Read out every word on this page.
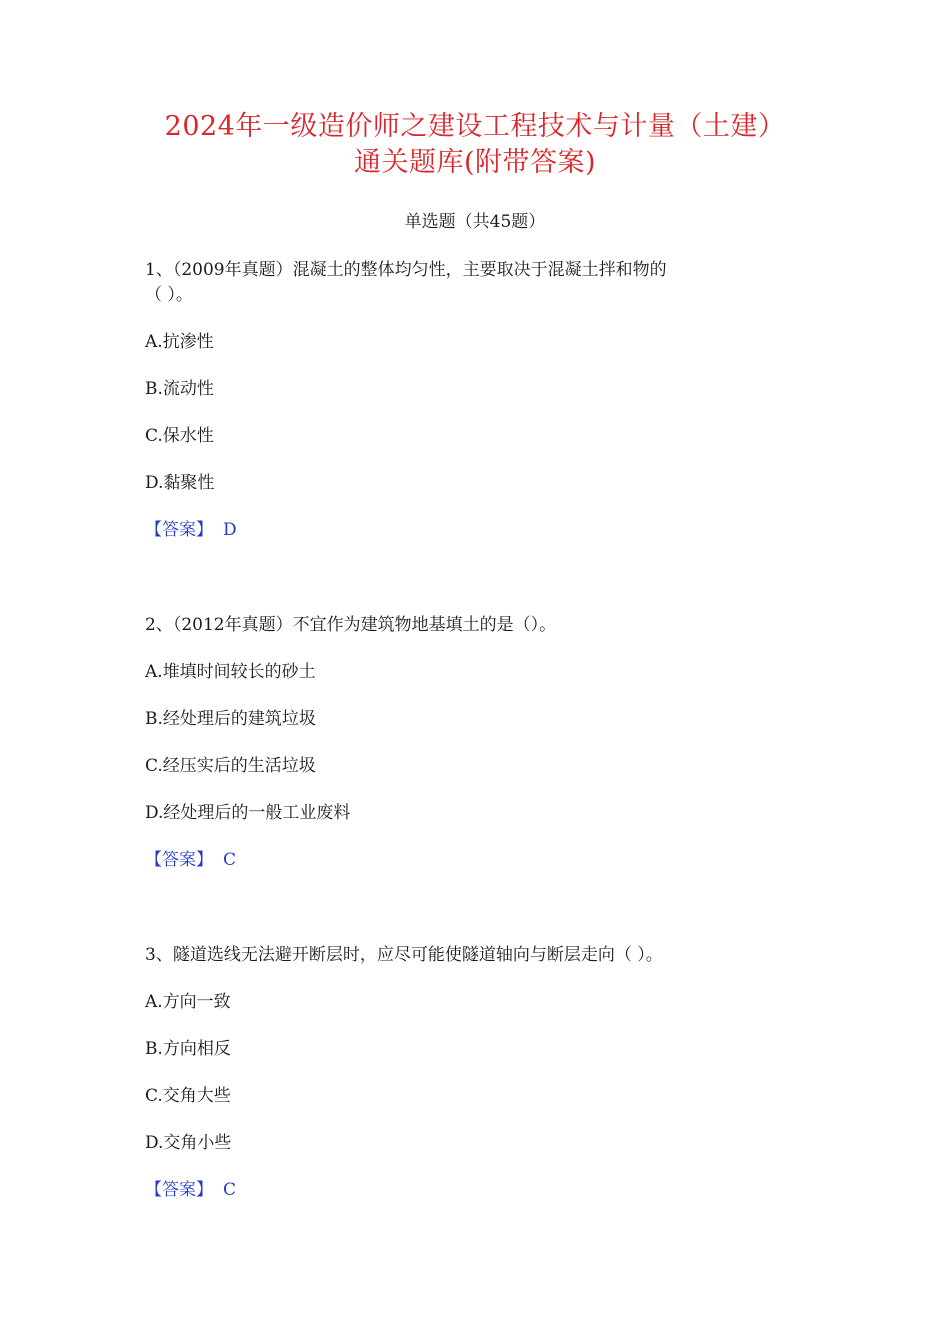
2024年一级造价师之建设工程技术与计量（土建）
通关题库(附带答案)
单选题（共45题）
1、（2009年真题）混凝土的整体均匀性，主要取决于混凝土拌和物的
（ ）。
A.抗渗性
B.流动性
C.保水性
D.黏聚性
【答案】 D
2、（2012年真题）不宜作为建筑物地基填土的是（）。
A.堆填时间较长的砂土
B.经处理后的建筑垃圾
C.经压实后的生活垃圾
D.经处理后的一般工业废料
【答案】 C
3、隧道选线无法避开断层时，应尽可能使隧道轴向与断层走向（ ）。
A.方向一致
B.方向相反
C.交角大些
D.交角小些
【答案】 C
